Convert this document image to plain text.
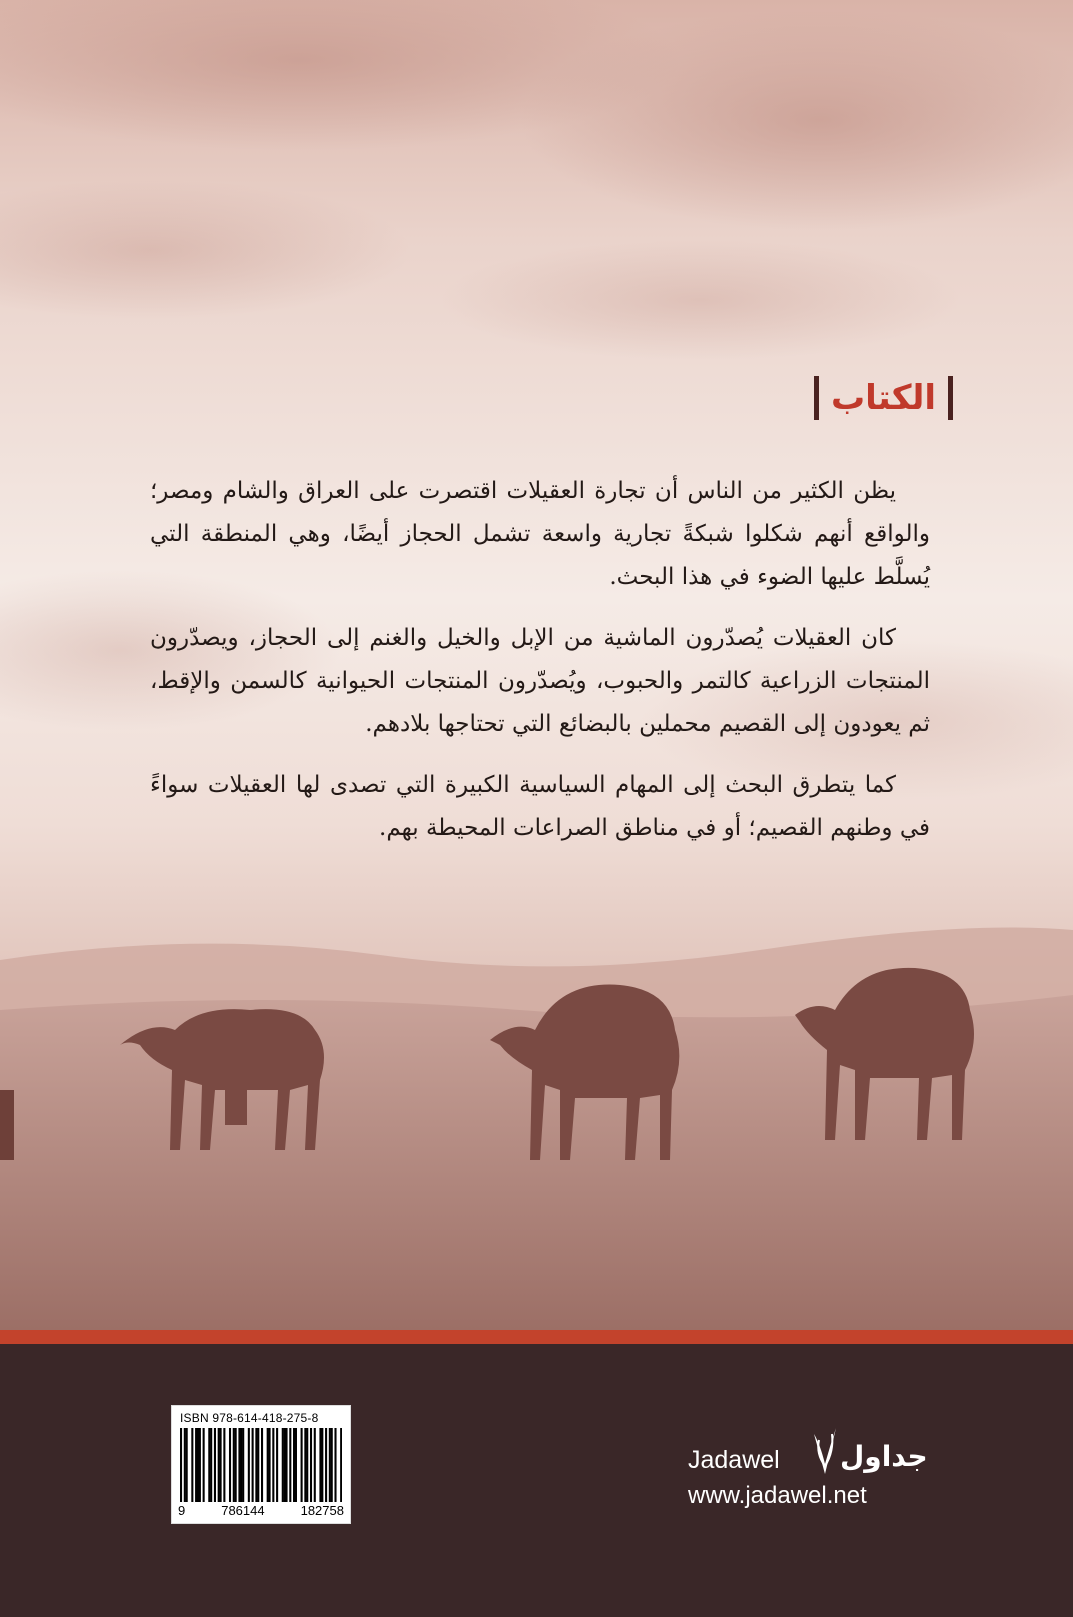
الكتاب

يظن الكثير من الناس أن تجارة العقيلات اقتصرت على العراق والشام ومصر؛ والواقع أنهم شكلوا شبكةً تجارية واسعة تشمل الحجاز أيضًا، وهي المنطقة التي يُسلَّط عليها الضوء في هذا البحث.

كان العقيلات يُصدّرون الماشية من الإبل والخيل والغنم إلى الحجاز، ويصدّرون المنتجات الزراعية كالتمر والحبوب، ويُصدّرون المنتجات الحيوانية كالسمن والإقط، ثم يعودون إلى القصيم محملين بالبضائع التي تحتاجها بلادهم.

كما يتطرق البحث إلى المهام السياسية الكبيرة التي تصدى لها العقيلات سواءً في وطنهم القصيم؛ أو في مناطق الصراعات المحيطة بهم.

ISBN 978-614-418-275-8
9	786144	182758
Jadawel جداول
www.jadawel.net
